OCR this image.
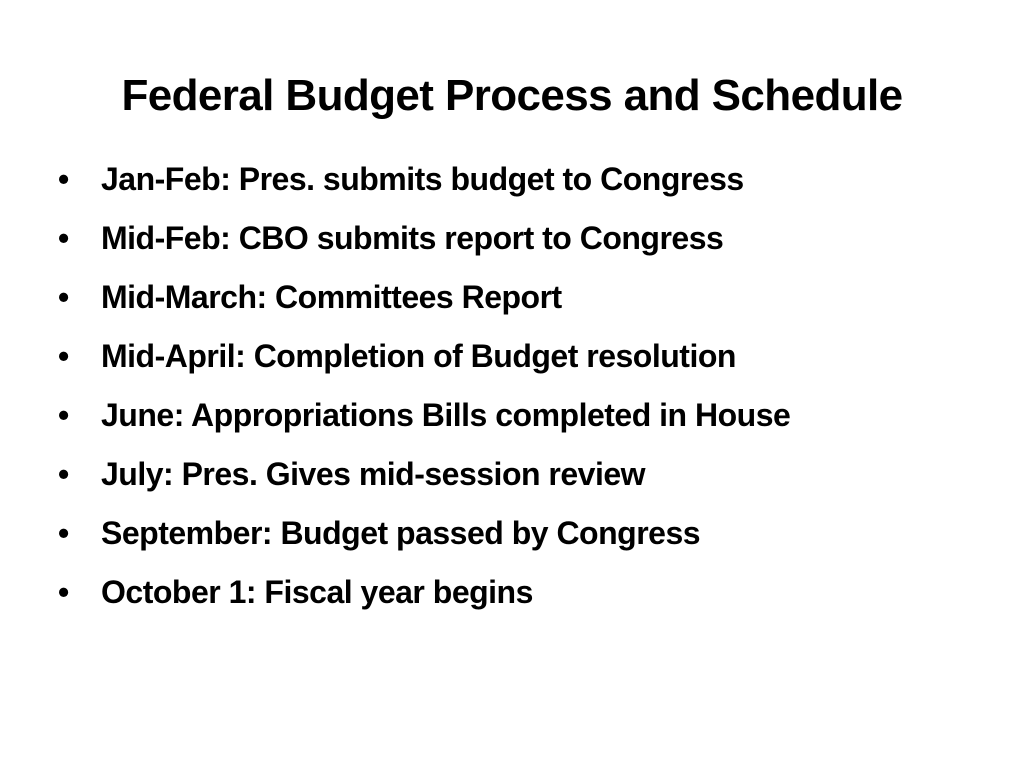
Federal Budget Process and Schedule
• Jan-Feb: Pres. submits budget to Congress
• Mid-Feb: CBO submits report to Congress
• Mid-March: Committees Report
• Mid-April: Completion of Budget resolution
• June: Appropriations Bills completed in House
• July: Pres. Gives mid-session review
• September: Budget passed by Congress
• October 1: Fiscal year begins
